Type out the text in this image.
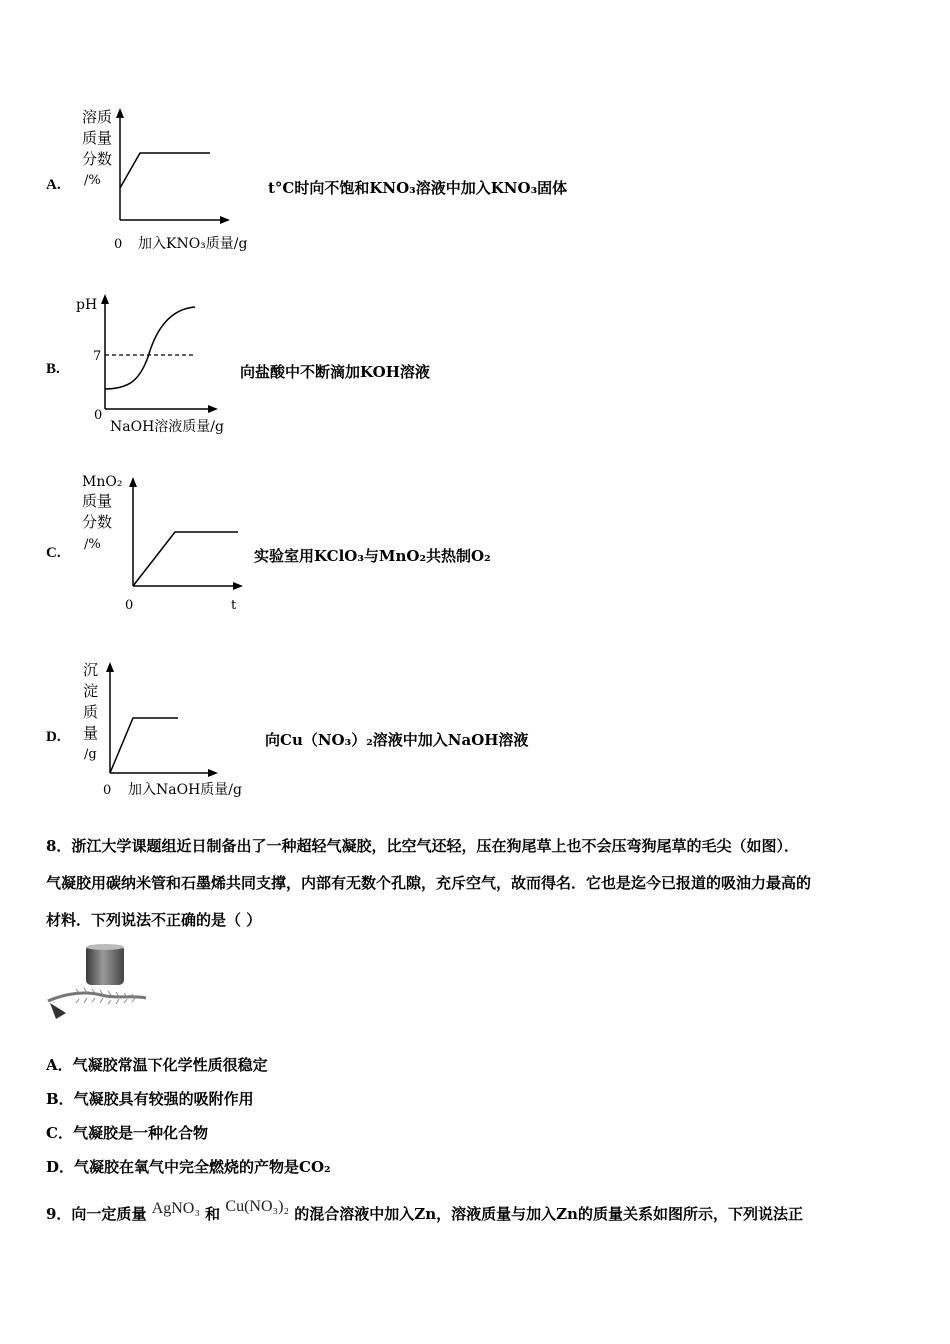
A.
溶质
质量
分数
/%
0 加入KNO₃质量/g
t°C时向不饱和KNO₃溶液中加入KNO₃固体
B.
pH
7
0
NaOH溶液质量/g
向盐酸中不断滴加KOH溶液
C.
MnO₂
质量
分数
/%
0	t
实验室用KClO₃与MnO₂共热制O₂
D.
沉
淀
质
量
/g
0 加入NaOH质量/g
向Cu（NO₃）₂溶液中加入NaOH溶液
8．浙江大学课题组近日制备出了一种超轻气凝胶，比空气还轻，压在狗尾草上也不会压弯狗尾草的毛尖（如图）．
气凝胶用碳纳米管和石墨烯共同支撑，内部有无数个孔隙，充斥空气，故而得名．它也是迄今已报道的吸油力最高的
材料．下列说法不正确的是（ ）
A．气凝胶常温下化学性质很稳定
B．气凝胶具有较强的吸附作用
C．气凝胶是一种化合物
D．气凝胶在氧气中完全燃烧的产物是CO₂
9．向一定质量 AgNO₃ 和 Cu(NO₃)₂ 的混合溶液中加入Zn，溶液质量与加入Zn的质量关系如图所示，下列说法正
